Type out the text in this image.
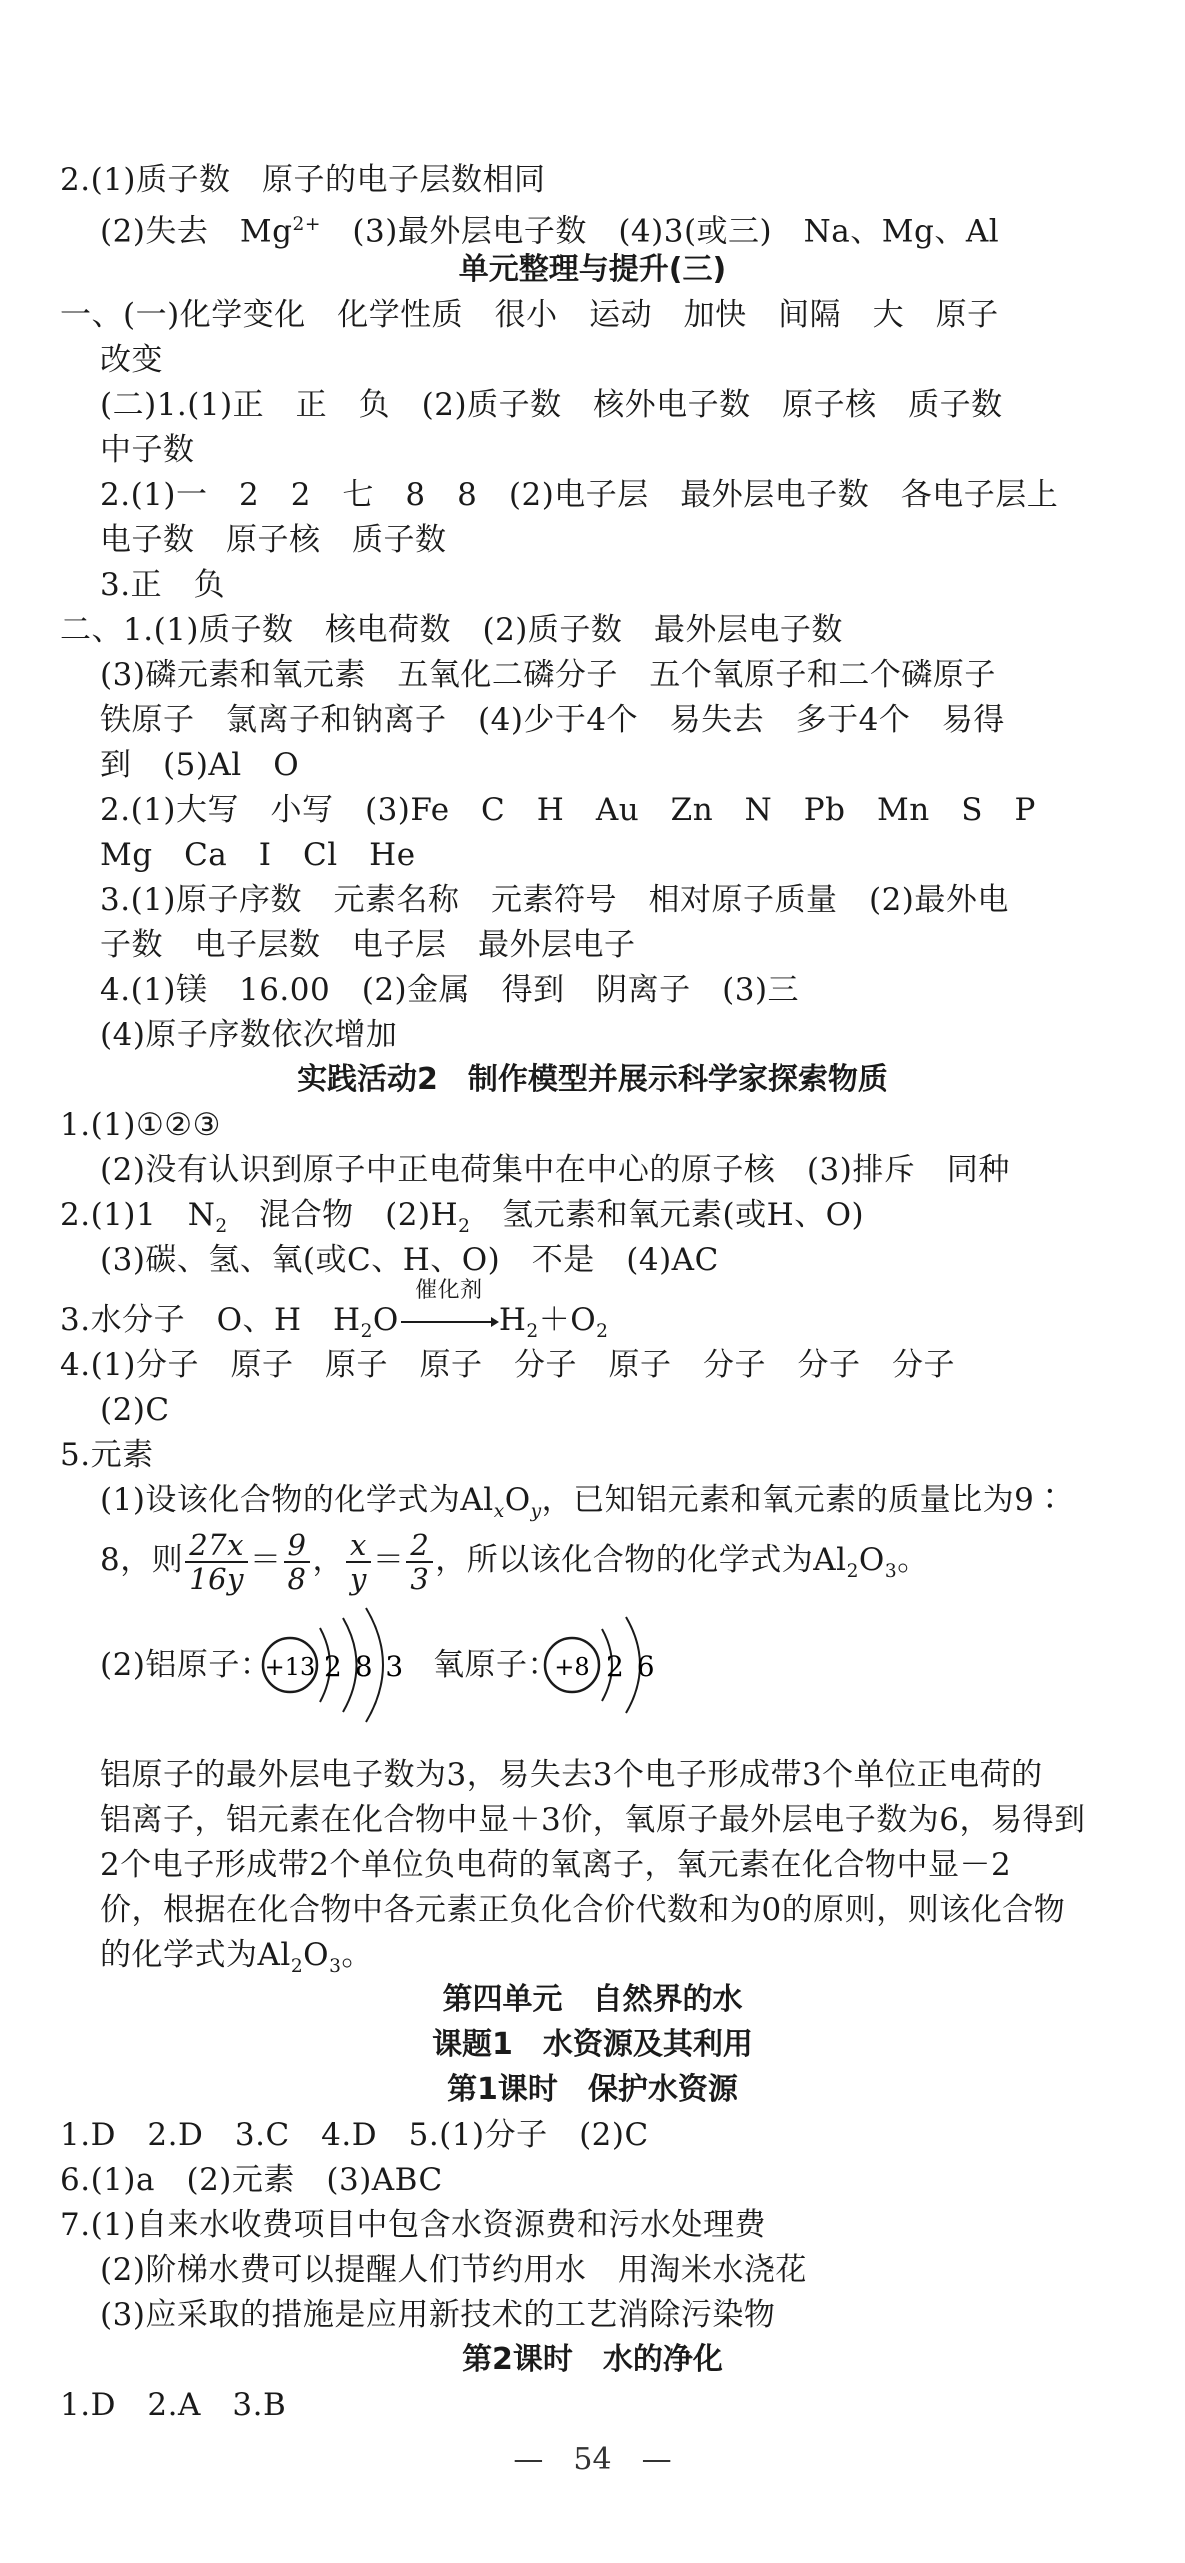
2.(1)质子数　原子的电子层数相同
(2)失去　$Mg^{2+}$　(3)最外层电子数　(4)3(或三)　Na、Mg、Al
单元整理与提升(三)
一、(一)化学变化　化学性质　很小　运动　加快　间隔　大　原子
改变
(二)1.(1)正　正　负　(2)质子数　核外电子数　原子核　质子数
中子数
2.(1)一　2　2　七　8　8　(2)电子层　最外层电子数　各电子层上
电子数　原子核　质子数
3.正　负
二、1.(1)质子数　核电荷数　(2)质子数　最外层电子数
(3)磷元素和氧元素　五氧化二磷分子　五个氧原子和二个磷原子
铁原子　氯离子和钠离子　(4)少于4个　易失去　多于4个　易得
到　(5)Al　O
2.(1)大写　小写　(3)Fe　C　H　Au　Zn　N　Pb　Mn　S　P
Mg　Ca　I　Cl　He
3.(1)原子序数　元素名称　元素符号　相对原子质量　(2)最外电
子数　电子层数　电子层　最外层电子
4.(1)镁　16.00　(2)金属　得到　阴离子　(3)三
(4)原子序数依次增加
实践活动2　制作模型并展示科学家探索物质
1.(1)①②③
(2)没有认识到原子中正电荷集中在中心的原子核　(3)排斥　同种
2.(1)1　$N_2$　混合物　$(2)H_2$　氢元素和氧元素(或H、O)
(3)碳、氢、氧(或C、H、O)　不是　(4)AC
3.水分子　O、H　$H_2O$
催化剂
$H_2+O_2$
4.(1)分子　原子　原子　原子　分子　原子　分子　分子　分子
(2)C
5.元素
(1)设该化合物的化学式为$Al_xO_y$，已知铝元素和氧元素的质量比为9∶
8，则 $\frac{27x}{16y} = \frac{9}{8}$ ， $\frac{x}{y} = \frac{2}{3}$ ，所以该化合物的化学式为$Al_2O_3$。
(2)铝原子：
+13 2 8 3 氧原子：
+8 2 6
铝原子的最外层电子数为3，易失去3个电子形成带3个单位正电荷的
铝离子，铝元素在化合物中显＋3价，氧原子最外层电子数为6，易得到
2个电子形成带2个单位负电荷的氧离子，氧元素在化合物中显－2
价，根据在化合物中各元素正负化合价代数和为0的原则，则该化合物
的化学式为$Al_2O_3$。
第四单元　自然界的水
课题1　水资源及其利用
第1课时　保护水资源
1.D　2.D　3.C　4.D　5.(1)分子　(2)C
6.(1)a　(2)元素　(3)ABC
7.(1)自来水收费项目中包含水资源费和污水处理费
(2)阶梯水费可以提醒人们节约用水　用淘米水浇花
(3)应采取的措施是应用新技术的工艺消除污染物
第2课时　水的净化
1.D　2.A　3.B
—　54　—
